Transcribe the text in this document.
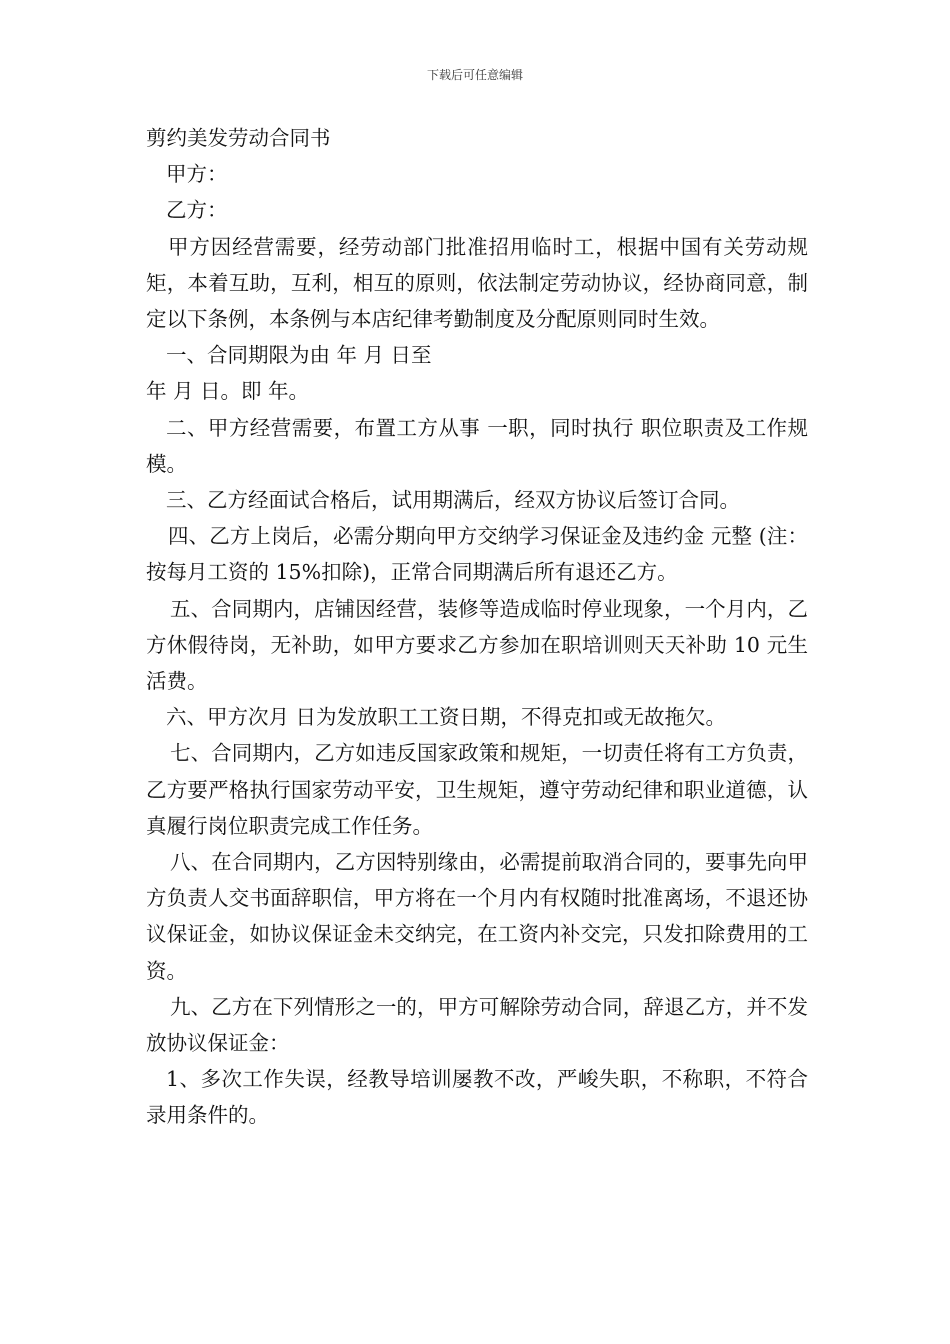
下载后可任意编辑

剪约美发劳动合同书

甲方：

乙方：

甲方因经营需要，经劳动部门批准招用临时工，根据中国有关劳动规矩，本着互助，互利，相互的原则，依法制定劳动协议，经协商同意，制定以下条例，本条例与本店纪律考勤制度及分配原则同时生效。

一、合同期限为由 年 月 日至

年 月 日。即 年。

二、甲方经营需要，布置工方从事 一职，同时执行 职位职责及工作规模。

三、乙方经面试合格后，试用期满后，经双方协议后签订合同。

四、乙方上岗后，必需分期向甲方交纳学习保证金及违约金 元整 (注：按每月工资的 15%扣除)，正常合同期满后所有退还乙方。

五、合同期内，店铺因经营，装修等造成临时停业现象，一个月内，乙方休假待岗，无补助，如甲方要求乙方参加在职培训则天天补助 10 元生活费。

六、甲方次月 日为发放职工工资日期，不得克扣或无故拖欠。

七、合同期内，乙方如违反国家政策和规矩，一切责任将有工方负责，乙方要严格执行国家劳动平安，卫生规矩，遵守劳动纪律和职业道德，认真履行岗位职责完成工作任务。

八、在合同期内，乙方因特别缘由，必需提前取消合同的，要事先向甲方负责人交书面辞职信，甲方将在一个月内有权随时批准离场，不退还协议保证金，如协议保证金未交纳完，在工资内补交完，只发扣除费用的工资。

九、乙方在下列情形之一的，甲方可解除劳动合同，辞退乙方，并不发放协议保证金：

1、多次工作失误，经教导培训屡教不改，严峻失职，不称职，不符合录用条件的。
